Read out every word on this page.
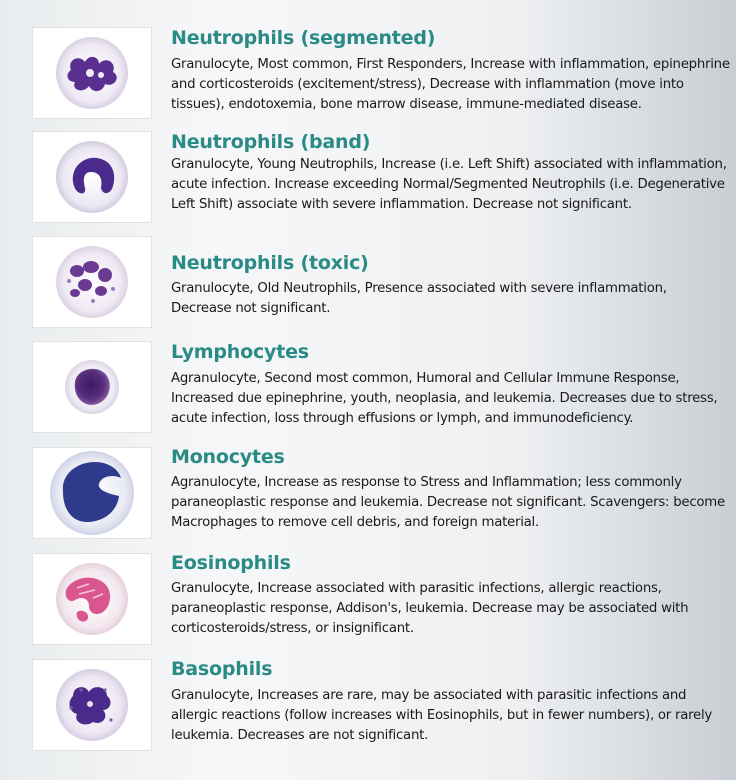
Neutrophils (segmented)

Granulocyte, Most common, First Responders, Increase with inflammation, epinephrine and corticosteroids (excitement/stress), Decrease with inflammation (move into tissues), endotoxemia, bone marrow disease, immune-mediated disease.

Neutrophils (band)

Granulocyte, Young Neutrophils, Increase (i.e. Left Shift) associated with inflammation, acute infection. Increase exceeding Normal/Segmented Neutrophils (i.e. Degenerative Left Shift) associate with severe inflammation. Decrease not significant.

Neutrophils (toxic)

Granulocyte, Old Neutrophils, Presence associated with severe inflammation, Decrease not significant.

Lymphocytes

Agranulocyte, Second most common, Humoral and Cellular Immune Response, Increased due epinephrine, youth, neoplasia, and leukemia. Decreases due to stress, acute infection, loss through effusions or lymph, and immunodeficiency.

Monocytes

Agranulocyte, Increase as response to Stress and Inflammation; less commonly paraneoplastic response and leukemia. Decrease not significant. Scavengers: become Macrophages to remove cell debris, and foreign material.

Eosinophils

Granulocyte, Increase associated with parasitic infections, allergic reactions, paraneoplastic response, Addison's, leukemia. Decrease may be associated with corticosteroids/stress, or insignificant.

Basophils

Granulocyte, Increases are rare, may be associated with parasitic infections and allergic reactions (follow increases with Eosinophils, but in fewer numbers), or rarely leukemia. Decreases are not significant.
